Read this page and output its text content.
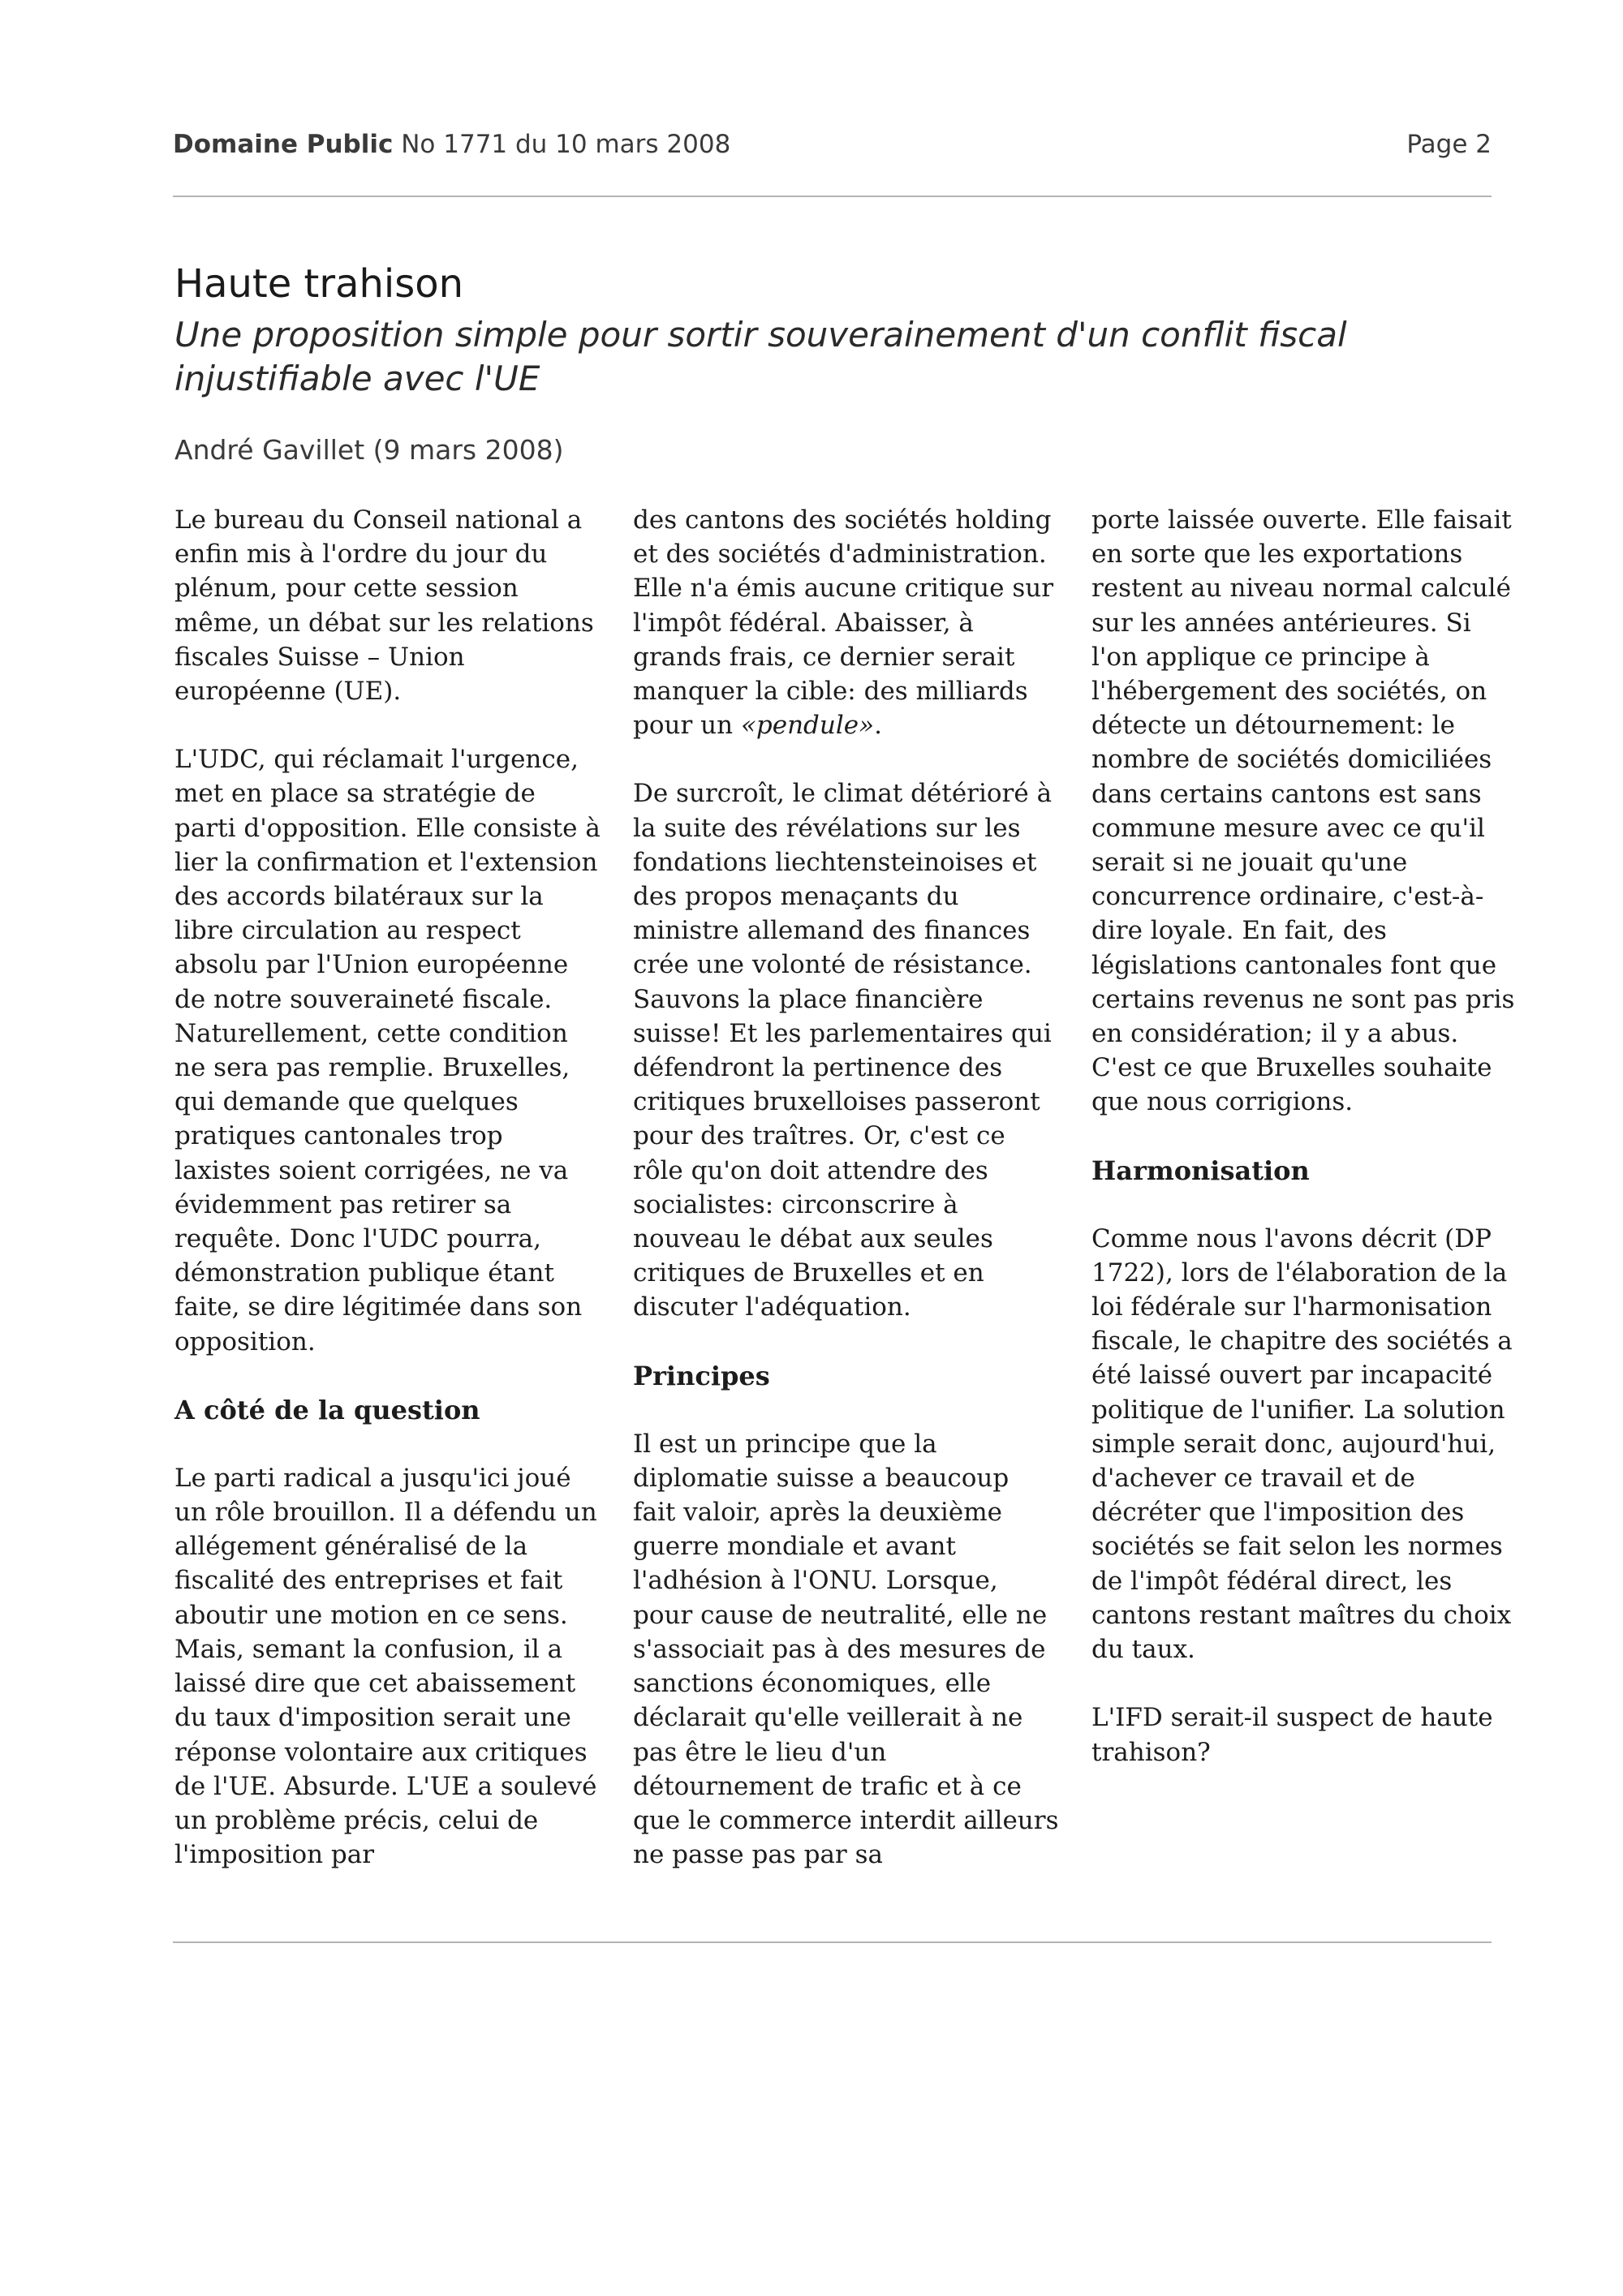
Domaine Public No 1771 du 10 mars 2008	Page 2
Haute trahison
Une proposition simple pour sortir souverainement d'un conflit fiscal injustifiable avec l'UE
André Gavillet (9 mars 2008)

Le bureau du Conseil national a enfin mis à l'ordre du jour du plénum, pour cette session même, un débat sur les relations fiscales Suisse – Union européenne (UE).

L'UDC, qui réclamait l'urgence, met en place sa stratégie de parti d'opposition. Elle consiste à lier la confirmation et l'extension des accords bilatéraux sur la libre circulation au respect absolu par l'Union européenne de notre souveraineté fiscale. Naturellement, cette condition ne sera pas remplie. Bruxelles, qui demande que quelques pratiques cantonales trop laxistes soient corrigées, ne va évidemment pas retirer sa requête. Donc l'UDC pourra, démonstration publique étant faite, se dire légitimée dans son opposition.

A côté de la question

Le parti radical a jusqu'ici joué un rôle brouillon. Il a défendu un allégement généralisé de la fiscalité des entreprises et fait aboutir une motion en ce sens. Mais, semant la confusion, il a laissé dire que cet abaissement du taux d'imposition serait une réponse volontaire aux critiques de l'UE. Absurde. L'UE a soulevé un problème précis, celui de l'imposition par

des cantons des sociétés holding et des sociétés d'administration. Elle n'a émis aucune critique sur l'impôt fédéral. Abaisser, à grands frais, ce dernier serait manquer la cible: des milliards pour un «pendule».

De surcroît, le climat détérioré à la suite des révélations sur les fondations liechtensteinoises et des propos menaçants du ministre allemand des finances crée une volonté de résistance. Sauvons la place financière suisse! Et les parlementaires qui défendront la pertinence des critiques bruxelloises passeront pour des traîtres. Or, c'est ce rôle qu'on doit attendre des socialistes: circonscrire à nouveau le débat aux seules critiques de Bruxelles et en discuter l'adéquation.

Principes

Il est un principe que la diplomatie suisse a beaucoup fait valoir, après la deuxième guerre mondiale et avant l'adhésion à l'ONU. Lorsque, pour cause de neutralité, elle ne s'associait pas à des mesures de sanctions économiques, elle déclarait qu'elle veillerait à ne pas être le lieu d'un détournement de trafic et à ce que le commerce interdit ailleurs ne passe pas par sa

porte laissée ouverte. Elle faisait en sorte que les exportations restent au niveau normal calculé sur les années antérieures. Si l'on applique ce principe à l'hébergement des sociétés, on détecte un détournement: le nombre de sociétés domiciliées dans certains cantons est sans commune mesure avec ce qu'il serait si ne jouait qu'une concurrence ordinaire, c'est-à-dire loyale. En fait, des législations cantonales font que certains revenus ne sont pas pris en considération; il y a abus. C'est ce que Bruxelles souhaite que nous corrigions.

Harmonisation

Comme nous l'avons décrit (DP 1722), lors de l'élaboration de la loi fédérale sur l'harmonisation fiscale, le chapitre des sociétés a été laissé ouvert par incapacité politique de l'unifier. La solution simple serait donc, aujourd'hui, d'achever ce travail et de décréter que l'imposition des sociétés se fait selon les normes de l'impôt fédéral direct, les cantons restant maîtres du choix du taux.

L'IFD serait-il suspect de haute trahison?
